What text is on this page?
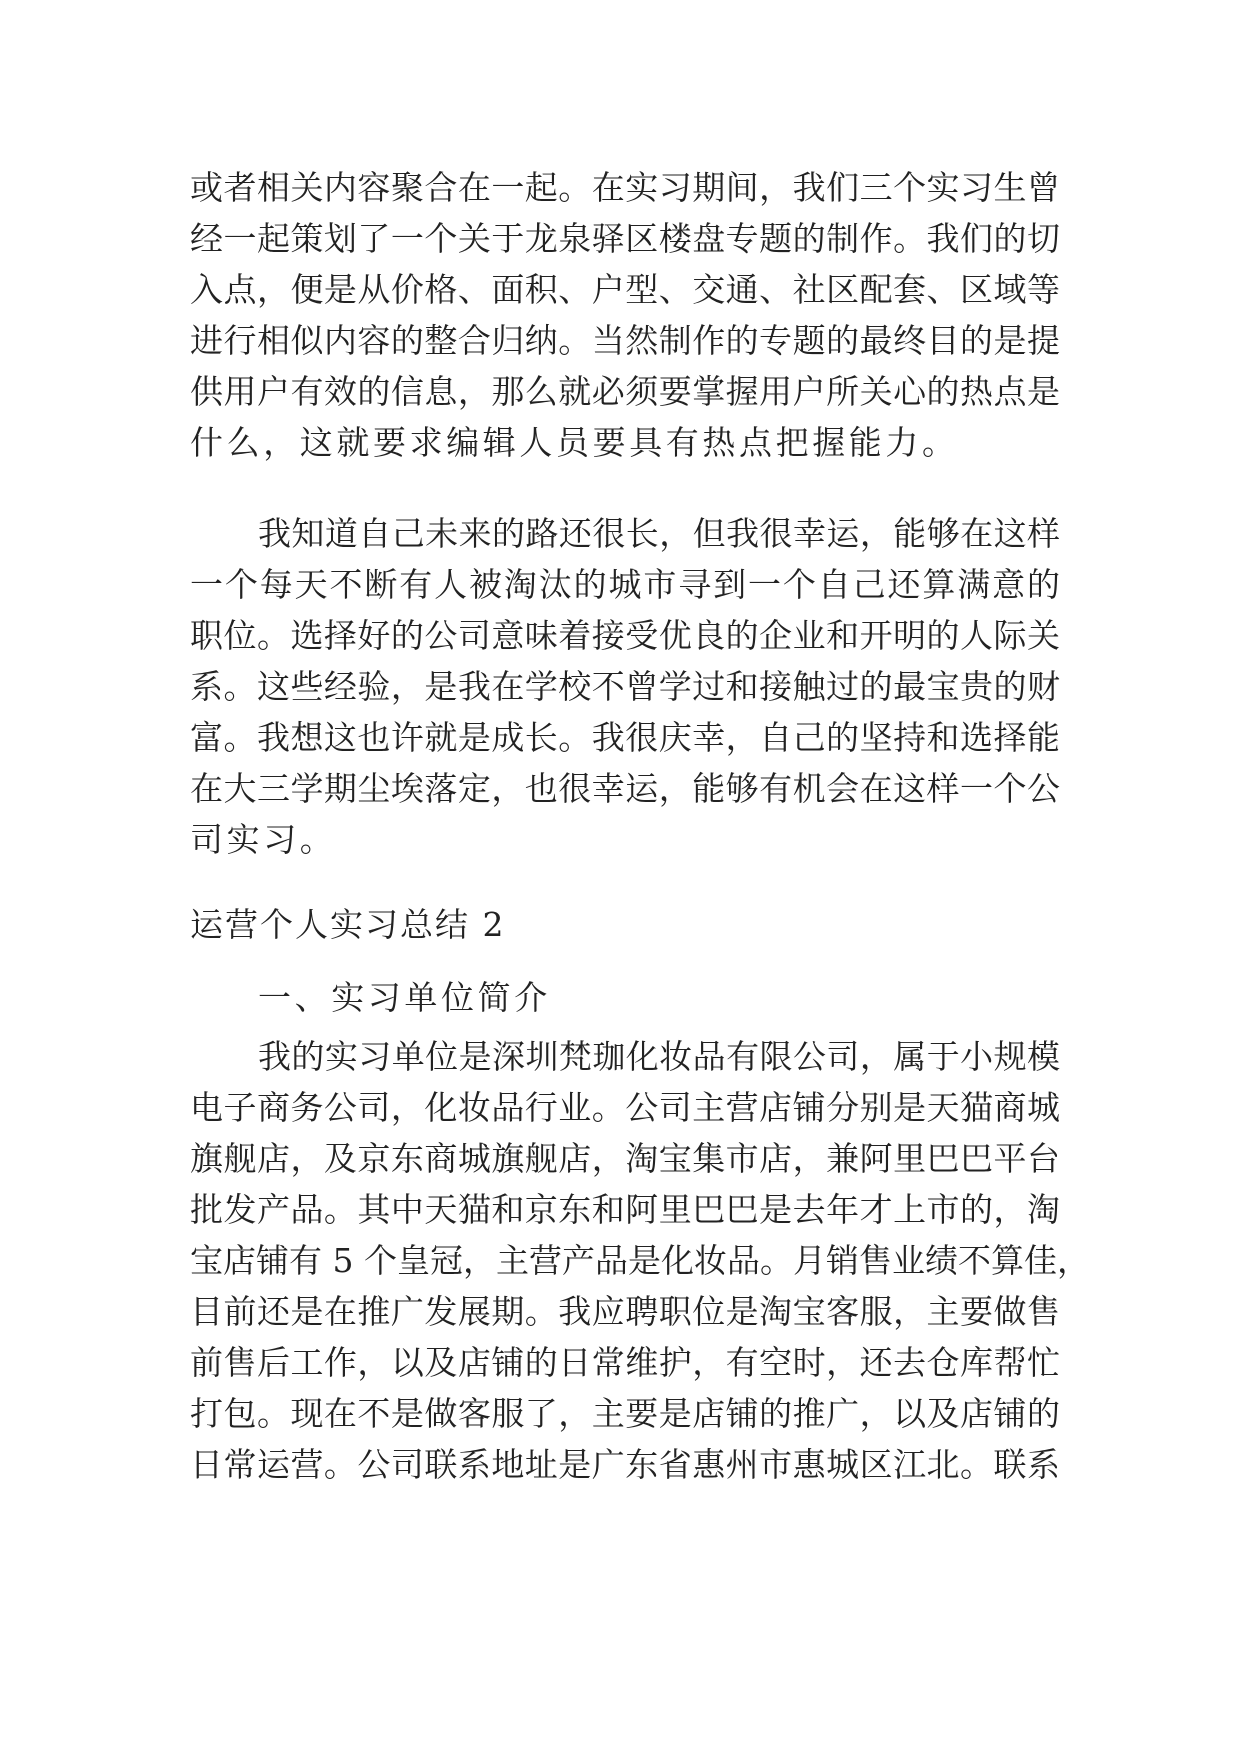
或者相关内容聚合在一起。在实习期间，我们三个实习生曾
经一起策划了一个关于龙泉驿区楼盘专题的制作。我们的切
入点，便是从价格、面积、户型、交通、社区配套、区域等
进行相似内容的整合归纳。当然制作的专题的最终目的是提
供用户有效的信息，那么就必须要掌握用户所关心的热点是
什么，这就要求编辑人员要具有热点把握能力。
我知道自己未来的路还很长，但我很幸运，能够在这样
一个每天不断有人被淘汰的城市寻到一个自己还算满意的
职位。选择好的公司意味着接受优良的企业和开明的人际关
系。这些经验，是我在学校不曾学过和接触过的最宝贵的财
富。我想这也许就是成长。我很庆幸，自己的坚持和选择能
在大三学期尘埃落定，也很幸运，能够有机会在这样一个公
司实习。
运营个人实习总结 2
一、实习单位简介
我的实习单位是深圳梵珈化妆品有限公司，属于小规模
电子商务公司，化妆品行业。公司主营店铺分别是天猫商城
旗舰店，及京东商城旗舰店，淘宝集市店，兼阿里巴巴平台
批发产品。其中天猫和京东和阿里巴巴是去年才上市的，淘
宝店铺有 5 个皇冠，主营产品是化妆品。月销售业绩不算佳，
目前还是在推广发展期。我应聘职位是淘宝客服，主要做售
前售后工作，以及店铺的日常维护，有空时，还去仓库帮忙
打包。现在不是做客服了，主要是店铺的推广，以及店铺的
日常运营。公司联系地址是广东省惠州市惠城区江北。联系
